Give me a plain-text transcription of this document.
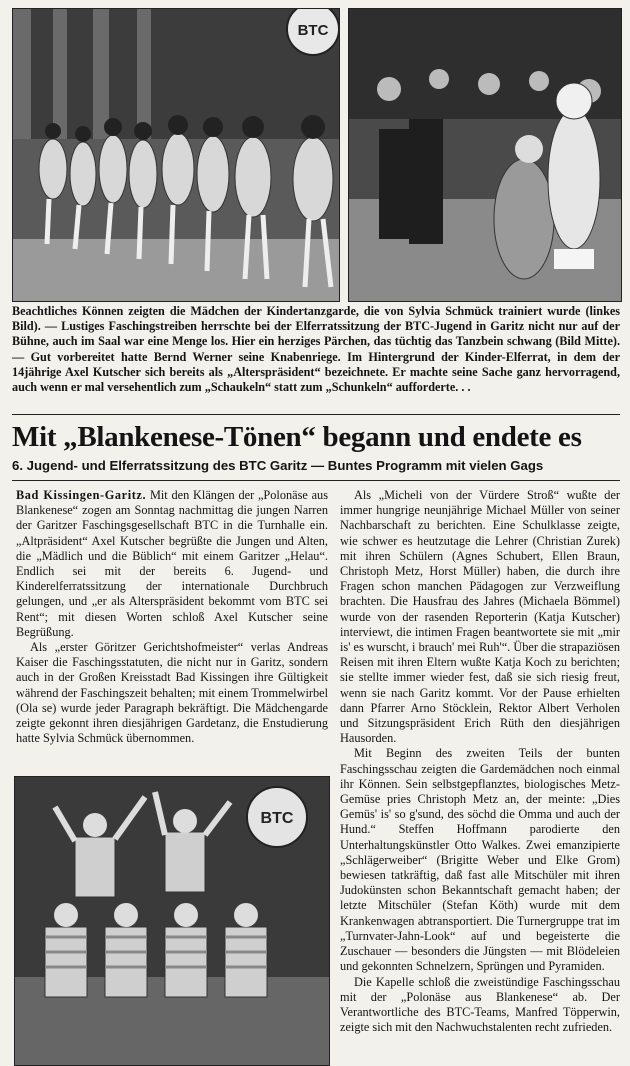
BTC
Beachtliches Können zeigten die Mädchen der Kindertanzgarde, die von Sylvia Schmück trainiert wurde (linkes Bild). — Lustiges Faschingstreiben herrschte bei der Elferratssitzung der BTC-Jugend in Garitz nicht nur auf der Bühne, auch im Saal war eine Menge los. Hier ein herziges Pärchen, das tüchtig das Tanzbein schwang (Bild Mitte). — Gut vorbereitet hatte Bernd Werner seine Knabenriege. Im Hintergrund der Kinder-Elferrat, in dem der 14jährige Axel Kutscher sich bereits als „Alterspräsident“ bezeichnete. Er machte seine Sache ganz hervorragend, auch wenn er mal versehentlich zum „Schaukeln“ statt zum „Schunkeln“ aufforderte. . .
Mit „Blankenese-Tönen“ begann und endete es
6. Jugend- und Elferratssitzung des BTC Garitz — Buntes Programm mit vielen Gags

Bad Kissingen-Garitz. Mit den Klängen der „Polonäse aus Blankenese“ zogen am Sonntag nachmittag die jungen Narren der Garitzer Faschingsgesellschaft BTC in die Turnhalle ein. „Altpräsident“ Axel Kutscher begrüßte die Jungen und Alten, die „Mädlich und die Büblich“ mit einem Garitzer „Helau“. Endlich sei mit der bereits 6. Jugend- und Kinderelferratssitzung der internationale Durchbruch gelungen, und „er als Alterspräsident bekommt vom BTC sei Rent“; mit diesen Worten schloß Axel Kutscher seine Begrüßung.

Als „erster Göritzer Gerichtshofmeister“ verlas Andreas Kaiser die Faschingsstatuten, die nicht nur in Garitz, sondern auch in der Großen Kreisstadt Bad Kissingen ihre Gültigkeit während der Faschingszeit behalten; mit einem Trommelwirbel (Ola se) wurde jeder Paragraph bekräftigt. Die Mädchengarde zeigte gekonnt ihren diesjährigen Gardetanz, die Enstudierung hatte Sylvia Schmück übernommen.

BTC

Als „Micheli von der Vürdere Stroß“ wußte der immer hungrige neunjährige Michael Müller von seiner Nachbarschaft zu berichten. Eine Schulklasse zeigte, wie schwer es heutzutage die Lehrer (Christian Zurek) mit ihren Schülern (Agnes Schubert, Ellen Braun, Christoph Metz, Horst Müller) haben, die durch ihre Fragen schon manchen Pädagogen zur Verzweiflung brachten. Die Hausfrau des Jahres (Michaela Bömmel) wurde von der rasenden Reporterin (Katja Kutscher) interviewt, die intimen Fragen beantwortete sie mit „mir is' es wurscht, i brauch' mei Ruh'“. Über die strapaziösen Reisen mit ihren Eltern wußte Katja Koch zu berichten; sie stellte immer wieder fest, daß sie sich riesig freut, wenn sie nach Garitz kommt. Vor der Pause erhielten dann Pfarrer Arno Stöcklein, Rektor Albert Verholen und Sitzungspräsident Erich Rüth den diesjährigen Hausorden.

Mit Beginn des zweiten Teils der bunten Faschingsschau zeigten die Gardemädchen noch einmal ihr Können. Sein selbstgepflanztes, biologisches Metz-Gemüse pries Christoph Metz an, der meinte: „Dies Gemüs' is' so g'sund, des söchd die Omma und auch der Hund.“ Steffen Hoffmann parodierte den Unterhaltungskünstler Otto Walkes. Zwei emanzipierte „Schlägerweiber“ (Brigitte Weber und Elke Grom) bewiesen tatkräftig, daß fast alle Mitschüler mit ihren Judokünsten schon Bekanntschaft gemacht haben; der letzte Mitschüler (Stefan Köth) wurde mit dem Krankenwagen abtransportiert. Die Turnergruppe trat im „Turnvater-Jahn-Look“ auf und begeisterte die Zuschauer — besonders die Jüngsten — mit Blödeleien und gekonnten Schnelzern, Sprüngen und Pyramiden.

Die Kapelle schloß die zweistündige Faschingsschau mit der „Polonäse aus Blankenese“ ab. Der Verantwortliche des BTC-Teams, Manfred Töpperwin, zeigte sich mit den Nachwuchstalenten recht zufrieden.
